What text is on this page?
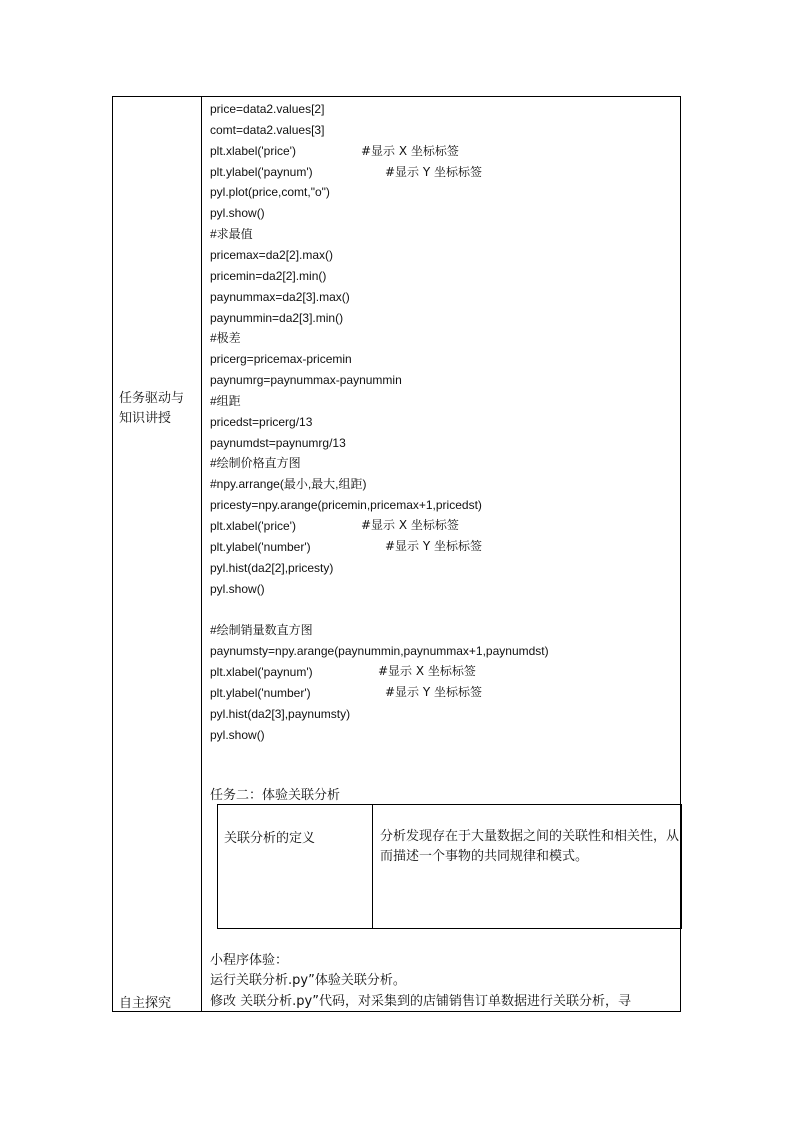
任务驱动与
知识讲授
自主探究
price=data2.values[2]
comt=data2.values[3]
plt.xlabel('price')
plt.ylabel('paynum')
pyl.plot(price,comt,"o")
pyl.show()
#求最值
pricemax=da2[2].max()
pricemin=da2[2].min()
paynummax=da2[3].max()
paynummin=da2[3].min()
#极差
pricerg=pricemax-pricemin
paynumrg=paynummax-paynummin
#组距
pricedst=pricerg/13
paynumdst=paynumrg/13
#绘制价格直方图
#npy.arrange(最小,最大,组距)
pricesty=npy.arange(pricemin,pricemax+1,pricedst)
plt.xlabel('price')
plt.ylabel('number')
pyl.hist(da2[2],pricesty)
pyl.show()
#绘制销量数直方图
paynumsty=npy.arange(paynummin,paynummax+1,paynumdst)
plt.xlabel('paynum')
plt.ylabel('number')
pyl.hist(da2[3],paynumsty)
pyl.show()
#显示 X 坐标标签
#显示 Y 坐标标签
#显示 X 坐标标签
#显示 Y 坐标标签
#显示 X 坐标标签
#显示 Y 坐标标签
任务二：体验关联分析
关联分析的定义	分析发现存在于大量数据之间的关联性和相关性，从而描述一个事物的共同规律和模式。
小程序体验：
运行关联分析.py”体验关联分析。
修改 关联分析.py”代码，对采集到的店铺销售订单数据进行关联分析，寻
